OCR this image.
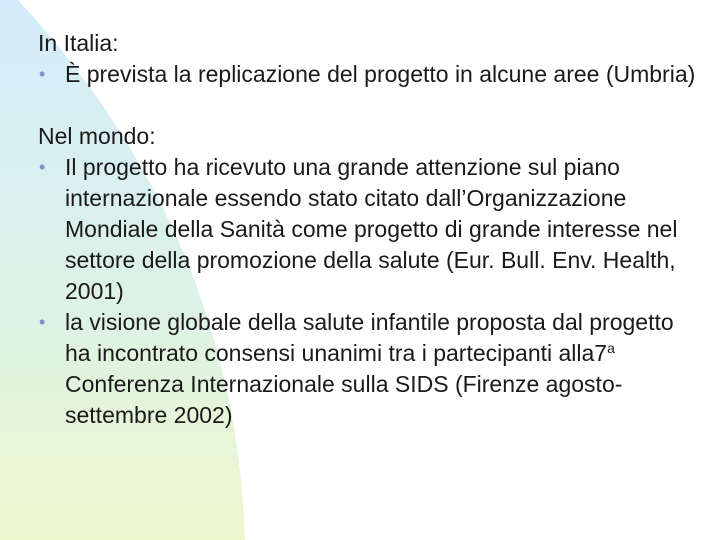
In Italia:

• È prevista la replicazione del progetto in alcune aree (Umbria)

Nel mondo:

• Il progetto ha ricevuto una grande attenzione sul piano internazionale essendo stato citato dall’Organizzazione Mondiale della Sanità come progetto di grande interesse nel settore della promozione della salute (Eur. Bull. Env. Health, 2001)
• la visione globale della salute infantile proposta dal progetto ha incontrato consensi unanimi tra i partecipanti alla7$^a$ Conferenza Internazionale sulla SIDS (Firenze agosto-settembre 2002)
